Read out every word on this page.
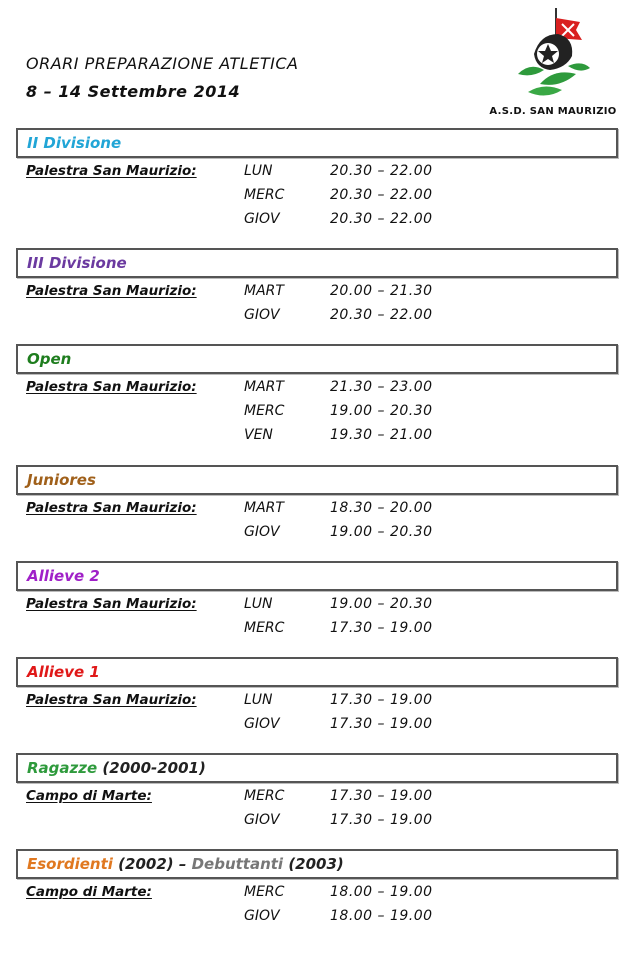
ORARI PREPARAZIONE ATLETICA
8 – 14 Settembre 2014
A.S.D. SAN MAURIZIO
II Divisione
Palestra San Maurizio:	LUN	20.30 – 22.00
MERC	20.30 – 22.00
GIOV	20.30 – 22.00
III Divisione
Palestra San Maurizio:	MART	20.00 – 21.30
GIOV	20.30 – 22.00
Open
Palestra San Maurizio:	MART	21.30 – 23.00
MERC	19.00 – 20.30
VEN	19.30 – 21.00
Juniores
Palestra San Maurizio:	MART	18.30 – 20.00
GIOV	19.00 – 20.30
Allieve 2
Palestra San Maurizio:	LUN	19.00 – 20.30
MERC	17.30 – 19.00
Allieve 1
Palestra San Maurizio:	LUN	17.30 – 19.00
GIOV	17.30 – 19.00
Ragazze (2000-2001)
Campo di Marte:	MERC	17.30 – 19.00
GIOV	17.30 – 19.00
Esordienti (2002) – Debuttanti (2003)
Campo di Marte:	MERC	18.00 – 19.00
GIOV	18.00 – 19.00
